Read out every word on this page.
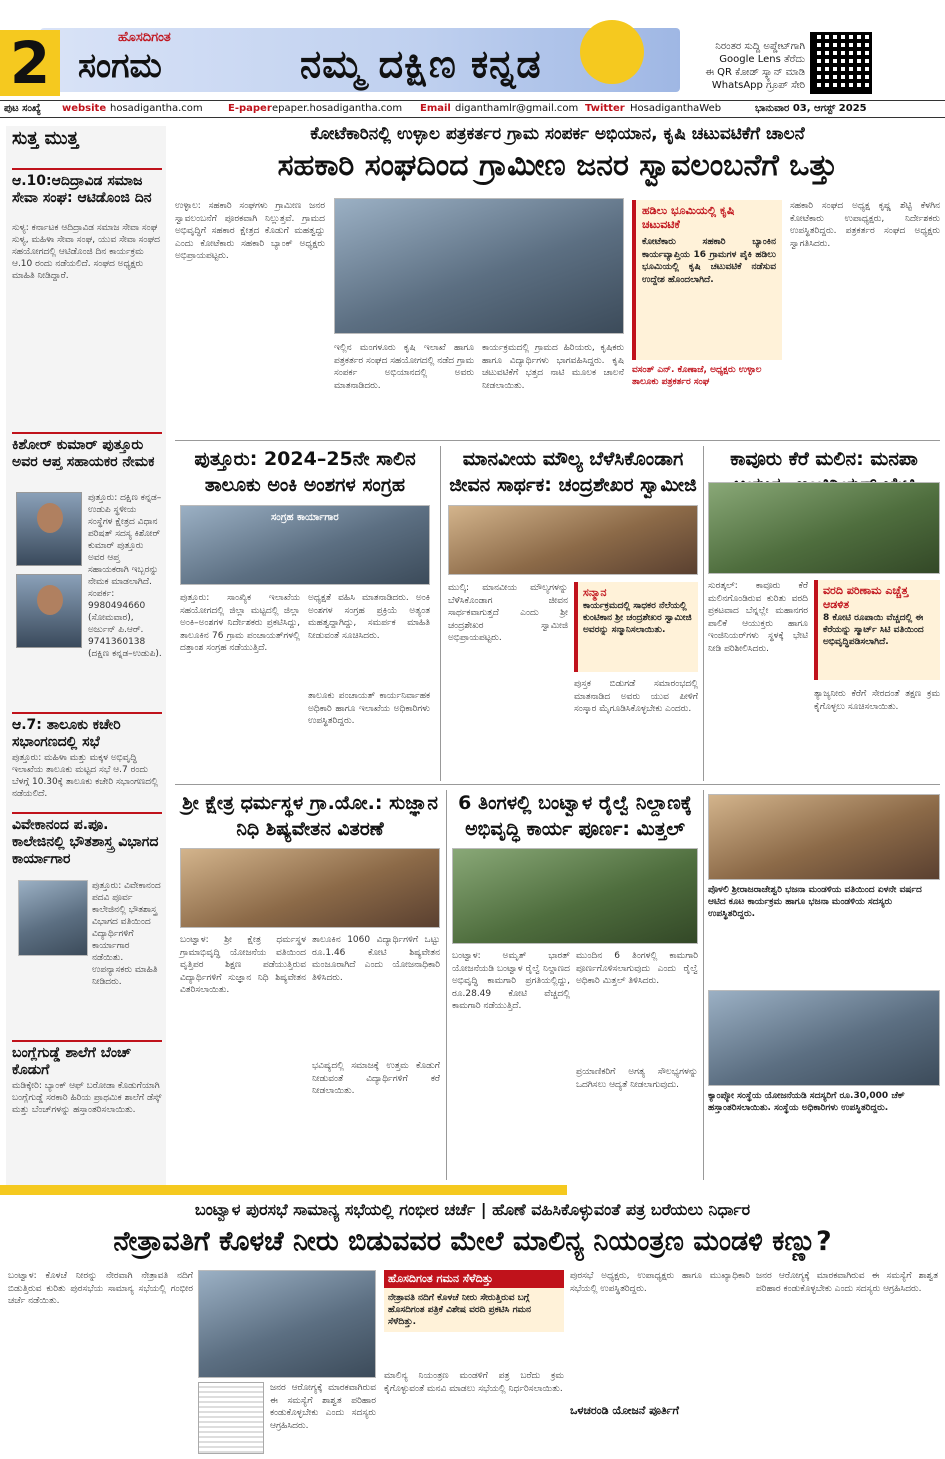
2	ಹೊಸದಿಗಂತ
ಸಂಗಮ	ನಮ್ಮ ದಕ್ಷಿಣ ಕನ್ನಡ	ನಿರಂತರ ಸುದ್ದಿ ಅಪ್ಡೇಟ್‌ಗಾಗಿ
Google Lens ತೆರೆದು
ಈ QR ಕೋಡ್ ಸ್ಕ್ಯಾನ್ ಮಾಡಿ
WhatsApp ಗ್ರೂಪ್ ಸೇರಿ
ಪುಟ ಸಂಖ್ಯೆ website hosadigantha.com	E-paper epaper.hosadigantha.com Email diganthamlr@gmail.com Twitter HosadiganthaWeb	ಭಾನುವಾರ 03, ಆಗಸ್ಟ್ 2025
ಸುತ್ತ ಮುತ್ತ
ಆ.10:ಆದಿದ್ರಾವಿಡ ಸಮಾಜ ಸೇವಾ ಸಂಘ: ಆಟಿಡೊಂಜಿ ದಿನ
ಸುಳ್ಯ: ಕರ್ನಾಟಕ ಆದಿದ್ರಾವಿಡ ಸಮಾಜ ಸೇವಾ ಸಂಘ ಸುಳ್ಯ, ಮಹಿಳಾ ಸೇವಾ ಸಂಘ, ಯುವ ಸೇವಾ ಸಂಘದ ಸಹಯೋಗದಲ್ಲಿ ಆಟಿಡೊಂಜಿ ದಿನ ಕಾರ್ಯಕ್ರಮ ಆ.10 ರಂದು ನಡೆಯಲಿದೆ. ಸಂಘದ ಅಧ್ಯಕ್ಷರು ಮಾಹಿತಿ ನೀಡಿದ್ದಾರೆ.
ಕಿಶೋರ್ ಕುಮಾರ್ ಪುತ್ತೂರು ಅವರ ಆಪ್ತ ಸಹಾಯಕರ ನೇಮಕ
ಪುತ್ತೂರು: ದಕ್ಷಿಣ ಕನ್ನಡ–ಉಡುಪಿ ಸ್ಥಳೀಯ ಸಂಸ್ಥೆಗಳ ಕ್ಷೇತ್ರದ ವಿಧಾನ ಪರಿಷತ್ ಸದಸ್ಯ ಕಿಶೋರ್ ಕುಮಾರ್ ಪುತ್ತೂರು ಅವರ ಆಪ್ತ ಸಹಾಯಕರಾಗಿ ಇಬ್ಬರನ್ನು ನೇಮಕ ಮಾಡಲಾಗಿದೆ. ಸಂಪರ್ಕ: 9980494660 (ಸೋಮವಾರ), ಅರ್ಜುನ್ ಪಿ.ಆರ್. 9741360138 (ದಕ್ಷಿಣ ಕನ್ನಡ–ಉಡುಪಿ).
ಆ.7: ತಾಲೂಕು ಕಚೇರಿ ಸಭಾಂಗಣದಲ್ಲಿ ಸಭೆ
ಪುತ್ತೂರು: ಮಹಿಳಾ ಮತ್ತು ಮಕ್ಕಳ ಅಭಿವೃದ್ಧಿ ಇಲಾಖೆಯ ತಾಲೂಕು ಮಟ್ಟದ ಸಭೆ ಆ.7 ರಂದು ಬೆಳಗ್ಗೆ 10.30ಕ್ಕೆ ತಾಲೂಕು ಕಚೇರಿ ಸಭಾಂಗಣದಲ್ಲಿ ನಡೆಯಲಿದೆ.
ವಿವೇಕಾನಂದ ಪ.ಪೂ. ಕಾಲೇಜಿನಲ್ಲಿ ಭೌತಶಾಸ್ತ್ರ ವಿಭಾಗದ ಕಾರ್ಯಾಗಾರ
ಪುತ್ತೂರು: ವಿವೇಕಾನಂದ ಪದವಿ ಪೂರ್ವ ಕಾಲೇಜಿನಲ್ಲಿ ಭೌತಶಾಸ್ತ್ರ ವಿಭಾಗದ ವತಿಯಿಂದ ವಿದ್ಯಾರ್ಥಿಗಳಿಗೆ ಕಾರ್ಯಾಗಾರ ನಡೆಯಿತು. ಉಪನ್ಯಾಸಕರು ಮಾಹಿತಿ ನೀಡಿದರು.
ಬಂಗ್ಲೆಗುಡ್ಡೆ ಶಾಲೆಗೆ ಬೆಂಚ್ ಕೊಡುಗೆ
ಮಡಿಕ್ಕೇರಿ: ಬ್ಯಾಂಕ್ ಆಫ್ ಬರೋಡಾ ಕೊಡುಗೆಯಾಗಿ ಬಂಗ್ಲೆಗುಡ್ಡೆ ಸರಕಾರಿ ಹಿರಿಯ ಪ್ರಾಥಮಿಕ ಶಾಲೆಗೆ ಡೆಸ್ಕ್ ಮತ್ತು ಬೆಂಚ್‌ಗಳನ್ನು ಹಸ್ತಾಂತರಿಸಲಾಯಿತು.
ಕೋಟೆಕಾರಿನಲ್ಲಿ ಉಳ್ಳಾಲ ಪತ್ರಕರ್ತರ ಗ್ರಾಮ ಸಂಪರ್ಕ ಅಭಿಯಾನ, ಕೃಷಿ ಚಟುವಟಿಕೆಗೆ ಚಾಲನೆ
ಸಹಕಾರಿ ಸಂಘದಿಂದ ಗ್ರಾಮೀಣ ಜನರ ಸ್ವಾವಲಂಬನೆಗೆ ಒತ್ತು
ಉಳ್ಳಾಲ: ಸಹಕಾರಿ ಸಂಘಗಳು ಗ್ರಾಮೀಣ ಜನರ ಸ್ವಾವಲಂಬನೆಗೆ ಪೂರಕವಾಗಿ ನಿಲ್ಲುತ್ತವೆ. ಗ್ರಾಮದ ಅಭಿವೃದ್ಧಿಗೆ ಸಹಕಾರ ಕ್ಷೇತ್ರದ ಕೊಡುಗೆ ಮಹತ್ವದ್ದು ಎಂದು ಕೋಟೆಕಾರು ಸಹಕಾರಿ ಬ್ಯಾಂಕ್ ಅಧ್ಯಕ್ಷರು ಅಭಿಪ್ರಾಯಪಟ್ಟರು.
ಇಲ್ಲಿನ ಮಂಗಳೂರು ಕೃಷಿ ಇಲಾಖೆ ಹಾಗೂ ಪತ್ರಕರ್ತರ ಸಂಘದ ಸಹಯೋಗದಲ್ಲಿ ನಡೆದ ಗ್ರಾಮ ಸಂಪರ್ಕ ಅಭಿಯಾನದಲ್ಲಿ ಅವರು ಮಾತನಾಡಿದರು.
ಕಾರ್ಯಕ್ರಮದಲ್ಲಿ ಗ್ರಾಮದ ಹಿರಿಯರು, ಕೃಷಿಕರು ಹಾಗೂ ವಿದ್ಯಾರ್ಥಿಗಳು ಭಾಗವಹಿಸಿದ್ದರು. ಕೃಷಿ ಚಟುವಟಿಕೆಗೆ ಭತ್ತದ ನಾಟಿ ಮೂಲಕ ಚಾಲನೆ ನೀಡಲಾಯಿತು.
ಹಡಿಲು ಭೂಮಿಯಲ್ಲಿ ಕೃಷಿ ಚಟುವಟಿಕೆ
ಕೋಟೆಕಾರು ಸಹಕಾರಿ ಬ್ಯಾಂಕಿನ ಕಾರ್ಯವ್ಯಾಪ್ತಿಯ 16 ಗ್ರಾಮಗಳ ಪೈಕಿ ಹಡಿಲು ಭೂಮಿಯಲ್ಲಿ ಕೃಷಿ ಚಟುವಟಿಕೆ ನಡೆಸುವ ಉದ್ದೇಶ ಹೊಂದಲಾಗಿದೆ.
ವಸಂತ್ ಎನ್. ಕೊಣಾಜೆ, ಅಧ್ಯಕ್ಷರು ಉಳ್ಳಾಲ ತಾಲೂಕು ಪತ್ರಕರ್ತರ ಸಂಘ
ಸಹಕಾರಿ ಸಂಘದ ಅಧ್ಯಕ್ಷ ಕೃಷ್ಣ ಶೆಟ್ಟಿ ಕೆಳಗಿನ ಕೋಟೆಕಾರು ಉಪಾಧ್ಯಕ್ಷರು, ನಿರ್ದೇಶಕರು ಉಪಸ್ಥಿತರಿದ್ದರು. ಪತ್ರಕರ್ತರ ಸಂಘದ ಅಧ್ಯಕ್ಷರು ಸ್ವಾಗತಿಸಿದರು.
ಪುತ್ತೂರು: 2024–25ನೇ ಸಾಲಿನ ತಾಲೂಕು ಅಂಕಿ ಅಂಶಗಳ ಸಂಗ್ರಹ
ಸಂಗ್ರಹ ಕಾರ್ಯಾಗಾರ
ಪುತ್ತೂರು: ಸಾಂಖ್ಯಿಕ ಇಲಾಖೆಯ ಸಹಯೋಗದಲ್ಲಿ ಜಿಲ್ಲಾ ಮಟ್ಟದಲ್ಲಿ ಜಿಲ್ಲಾ ಅಂಕಿ–ಅಂಶಗಳ ನಿರ್ದೇಶಕರು ಪ್ರಕಟಿಸಿದ್ದು, ತಾಲೂಕಿನ 76 ಗ್ರಾಮ ಪಂಚಾಯತ್‌ಗಳಲ್ಲಿ ದತ್ತಾಂಶ ಸಂಗ್ರಹ ನಡೆಯುತ್ತಿದೆ.
ಅಧ್ಯಕ್ಷತೆ ವಹಿಸಿ ಮಾತನಾಡಿದರು. ಅಂಕಿ ಅಂಶಗಳ ಸಂಗ್ರಹ ಪ್ರಕ್ರಿಯೆ ಅತ್ಯಂತ ಮಹತ್ವದ್ದಾಗಿದ್ದು, ಸಮರ್ಪಕ ಮಾಹಿತಿ ನೀಡುವಂತೆ ಸೂಚಿಸಿದರು.
ತಾಲೂಕು ಪಂಚಾಯತ್ ಕಾರ್ಯನಿರ್ವಾಹಕ ಅಧಿಕಾರಿ ಹಾಗೂ ಇಲಾಖೆಯ ಅಧಿಕಾರಿಗಳು ಉಪಸ್ಥಿತರಿದ್ದರು.
ಮಾನವೀಯ ಮೌಲ್ಯ ಬೆಳೆಸಿಕೊಂಡಾಗ ಜೀವನ ಸಾರ್ಥಕ: ಚಂದ್ರಶೇಖರ ಸ್ವಾಮೀಜಿ
ಮುಲ್ಕಿ: ಮಾನವೀಯ ಮೌಲ್ಯಗಳನ್ನು ಬೆಳೆಸಿಕೊಂಡಾಗ ಜೀವನ ಸಾರ್ಥಕವಾಗುತ್ತದೆ ಎಂದು ಶ್ರೀ ಚಂದ್ರಶೇಖರ ಸ್ವಾಮೀಜಿ ಅಭಿಪ್ರಾಯಪಟ್ಟರು.
ಸನ್ಮಾನ
ಕಾರ್ಯಕ್ರಮದಲ್ಲಿ ಸಾಧಕರ ನೆಲೆಯಲ್ಲಿ ಕುಂಟಿಕಾನ ಶ್ರೀ ಚಂದ್ರಶೇಖರ ಸ್ವಾಮೀಜಿ ಅವರನ್ನು ಸನ್ಮಾನಿಸಲಾಯಿತು.
ಪುಸ್ತಕ ಬಿಡುಗಡೆ ಸಮಾರಂಭದಲ್ಲಿ ಮಾತನಾಡಿದ ಅವರು ಯುವ ಪೀಳಿಗೆ ಸಂಸ್ಕಾರ ಮೈಗೂಡಿಸಿಕೊಳ್ಳಬೇಕು ಎಂದರು.
ಕಾವೂರು ಕೆರೆ ಮಲಿನ: ಮನಪಾ
ಸುರತ್ಕಲ್: ಕಾವೂರು ಕೆರೆ ಮಲಿನಗೊಂಡಿರುವ ಕುರಿತು ವರದಿ ಪ್ರಕಟವಾದ ಬೆನ್ನಲ್ಲೇ ಮಹಾನಗರ ಪಾಲಿಕೆ ಆಯುಕ್ತರು ಹಾಗೂ ಇಂಜಿನಿಯರ್‌ಗಳು ಸ್ಥಳಕ್ಕೆ ಭೇಟಿ ನೀಡಿ ಪರಿಶೀಲಿಸಿದರು.
ವರದಿ ಪರಿಣಾಮ ಎಚ್ಚೆತ್ತ ಆಡಳಿತ
8 ಕೋಟಿ ರೂಪಾಯಿ ವೆಚ್ಚದಲ್ಲಿ ಈ ಕೆರೆಯನ್ನು ಸ್ಮಾರ್ಟ್ ಸಿಟಿ ವತಿಯಿಂದ ಅಭಿವೃದ್ಧಿಪಡಿಸಲಾಗಿದೆ.
ತ್ಯಾಜ್ಯನೀರು ಕೆರೆಗೆ ಸೇರದಂತೆ ತಕ್ಷಣ ಕ್ರಮ ಕೈಗೊಳ್ಳಲು ಸೂಚಿಸಲಾಯಿತು.
ಶ್ರೀ ಕ್ಷೇತ್ರ ಧರ್ಮಸ್ಥಳ ಗ್ರಾ.ಯೋ.: ಸುಜ್ಞಾನ ನಿಧಿ ಶಿಷ್ಯವೇತನ ವಿತರಣೆ
ಬಂಟ್ವಾಳ: ಶ್ರೀ ಕ್ಷೇತ್ರ ಧರ್ಮಸ್ಥಳ ಗ್ರಾಮಾಭಿವೃದ್ಧಿ ಯೋಜನೆಯ ವತಿಯಿಂದ ವೃತ್ತಿಪರ ಶಿಕ್ಷಣ ಪಡೆಯುತ್ತಿರುವ ವಿದ್ಯಾರ್ಥಿಗಳಿಗೆ ಸುಜ್ಞಾನ ನಿಧಿ ಶಿಷ್ಯವೇತನ ವಿತರಿಸಲಾಯಿತು.
ತಾಲೂಕಿನ 1060 ವಿದ್ಯಾರ್ಥಿಗಳಿಗೆ ಒಟ್ಟು ರೂ.1.46 ಕೋಟಿ ಶಿಷ್ಯವೇತನ ಮಂಜೂರಾಗಿದೆ ಎಂದು ಯೋಜನಾಧಿಕಾರಿ ತಿಳಿಸಿದರು.
ಭವಿಷ್ಯದಲ್ಲಿ ಸಮಾಜಕ್ಕೆ ಉತ್ತಮ ಕೊಡುಗೆ ನೀಡುವಂತೆ ವಿದ್ಯಾರ್ಥಿಗಳಿಗೆ ಕರೆ ನೀಡಲಾಯಿತು.
6 ತಿಂಗಳಲ್ಲಿ ಬಂಟ್ವಾಳ ರೈಲ್ವೆ ನಿಲ್ದಾಣಕ್ಕೆ ಅಭಿವೃದ್ಧಿ ಕಾರ್ಯ ಪೂರ್ಣ: ಮಿತ್ತಲ್
ಬಂಟ್ವಾಳ: ಅಮೃತ್ ಭಾರತ್ ಯೋಜನೆಯಡಿ ಬಂಟ್ವಾಳ ರೈಲ್ವೆ ನಿಲ್ದಾಣದ ಅಭಿವೃದ್ಧಿ ಕಾಮಗಾರಿ ಪ್ರಗತಿಯಲ್ಲಿದ್ದು, ರೂ.28.49 ಕೋಟಿ ವೆಚ್ಚದಲ್ಲಿ ಕಾಮಗಾರಿ ನಡೆಯುತ್ತಿದೆ.
ಮುಂದಿನ 6 ತಿಂಗಳಲ್ಲಿ ಕಾಮಗಾರಿ ಪೂರ್ಣಗೊಳಿಸಲಾಗುವುದು ಎಂದು ರೈಲ್ವೆ ಅಧಿಕಾರಿ ಮಿತ್ತಲ್ ತಿಳಿಸಿದರು.
ಪ್ರಯಾಣಿಕರಿಗೆ ಅಗತ್ಯ ಸೌಲಭ್ಯಗಳನ್ನು ಒದಗಿಸಲು ಆದ್ಯತೆ ನೀಡಲಾಗುವುದು.
ಪೊಳಲಿ ಶ್ರೀರಾಜರಾಜೇಶ್ವರಿ ಭಜನಾ ಮಂಡಳಿಯ ವತಿಯಿಂದ ಏಳನೇ ವರ್ಷದ ಆಟಿದ ಕೂಟ ಕಾರ್ಯಕ್ರಮ ಹಾಗೂ ಭಜನಾ ಮಂಡಳಿಯ ಸದಸ್ಯರು ಉಪಸ್ಥಿತರಿದ್ದರು.
ಕ್ಯಾಂಪ್ಕೋ ಸಂಸ್ಥೆಯ ಯೋಜನೆಯಡಿ ಸದಸ್ಯರಿಗೆ ರೂ.30,000 ಚೆಕ್ ಹಸ್ತಾಂತರಿಸಲಾಯಿತು. ಸಂಸ್ಥೆಯ ಅಧಿಕಾರಿಗಳು ಉಪಸ್ಥಿತರಿದ್ದರು.
ಬಂಟ್ವಾಳ ಪುರಸಭೆ ಸಾಮಾನ್ಯ ಸಭೆಯಲ್ಲಿ ಗಂಭೀರ ಚರ್ಚೆ | ಹೊಣೆ ವಹಿಸಿಕೊಳ್ಳುವಂತೆ ಪತ್ರ ಬರೆಯಲು ನಿರ್ಧಾರ
ನೇತ್ರಾವತಿಗೆ ಕೊಳಚೆ ನೀರು ಬಿಡುವವರ ಮೇಲೆ ಮಾಲಿನ್ಯ ನಿಯಂತ್ರಣ ಮಂಡಳಿ ಕಣ್ಣು?
ಬಂಟ್ವಾಳ: ಕೊಳಚೆ ನೀರನ್ನು ನೇರವಾಗಿ ನೇತ್ರಾವತಿ ನದಿಗೆ ಬಿಡುತ್ತಿರುವ ಕುರಿತು ಪುರಸಭೆಯ ಸಾಮಾನ್ಯ ಸಭೆಯಲ್ಲಿ ಗಂಭೀರ ಚರ್ಚೆ ನಡೆಯಿತು.
ಜನರ ಆರೋಗ್ಯಕ್ಕೆ ಮಾರಕವಾಗಿರುವ ಈ ಸಮಸ್ಯೆಗೆ ಶಾಶ್ವತ ಪರಿಹಾರ ಕಂಡುಕೊಳ್ಳಬೇಕು ಎಂದು ಸದಸ್ಯರು ಆಗ್ರಹಿಸಿದರು.
ಹೊಸದಿಗಂತ ಗಮನ ಸೆಳೆದಿತ್ತು
ನೇತ್ರಾವತಿ ನದಿಗೆ ಕೊಳಚೆ ನೀರು ಸೇರುತ್ತಿರುವ ಬಗ್ಗೆ ಹೊಸದಿಗಂತ ಪತ್ರಿಕೆ ವಿಶೇಷ ವರದಿ ಪ್ರಕಟಿಸಿ ಗಮನ ಸೆಳೆದಿತ್ತು.
ಮಾಲಿನ್ಯ ನಿಯಂತ್ರಣ ಮಂಡಳಿಗೆ ಪತ್ರ ಬರೆದು ಕ್ರಮ ಕೈಗೊಳ್ಳುವಂತೆ ಮನವಿ ಮಾಡಲು ಸಭೆಯಲ್ಲಿ ನಿರ್ಧರಿಸಲಾಯಿತು.
ಪುರಸಭೆ ಅಧ್ಯಕ್ಷರು, ಉಪಾಧ್ಯಕ್ಷರು ಹಾಗೂ ಮುಖ್ಯಾಧಿಕಾರಿ ಸಭೆಯಲ್ಲಿ ಉಪಸ್ಥಿತರಿದ್ದರು.
ಒಳಚರಂಡಿ ಯೋಜನೆ ಪೂರ್ತಿಗೆ
ಜನರ ಆರೋಗ್ಯಕ್ಕೆ ಮಾರಕವಾಗಿರುವ ಈ ಸಮಸ್ಯೆಗೆ ಶಾಶ್ವತ ಪರಿಹಾರ ಕಂಡುಕೊಳ್ಳಬೇಕು ಎಂದು ಸದಸ್ಯರು ಆಗ್ರಹಿಸಿದರು.
